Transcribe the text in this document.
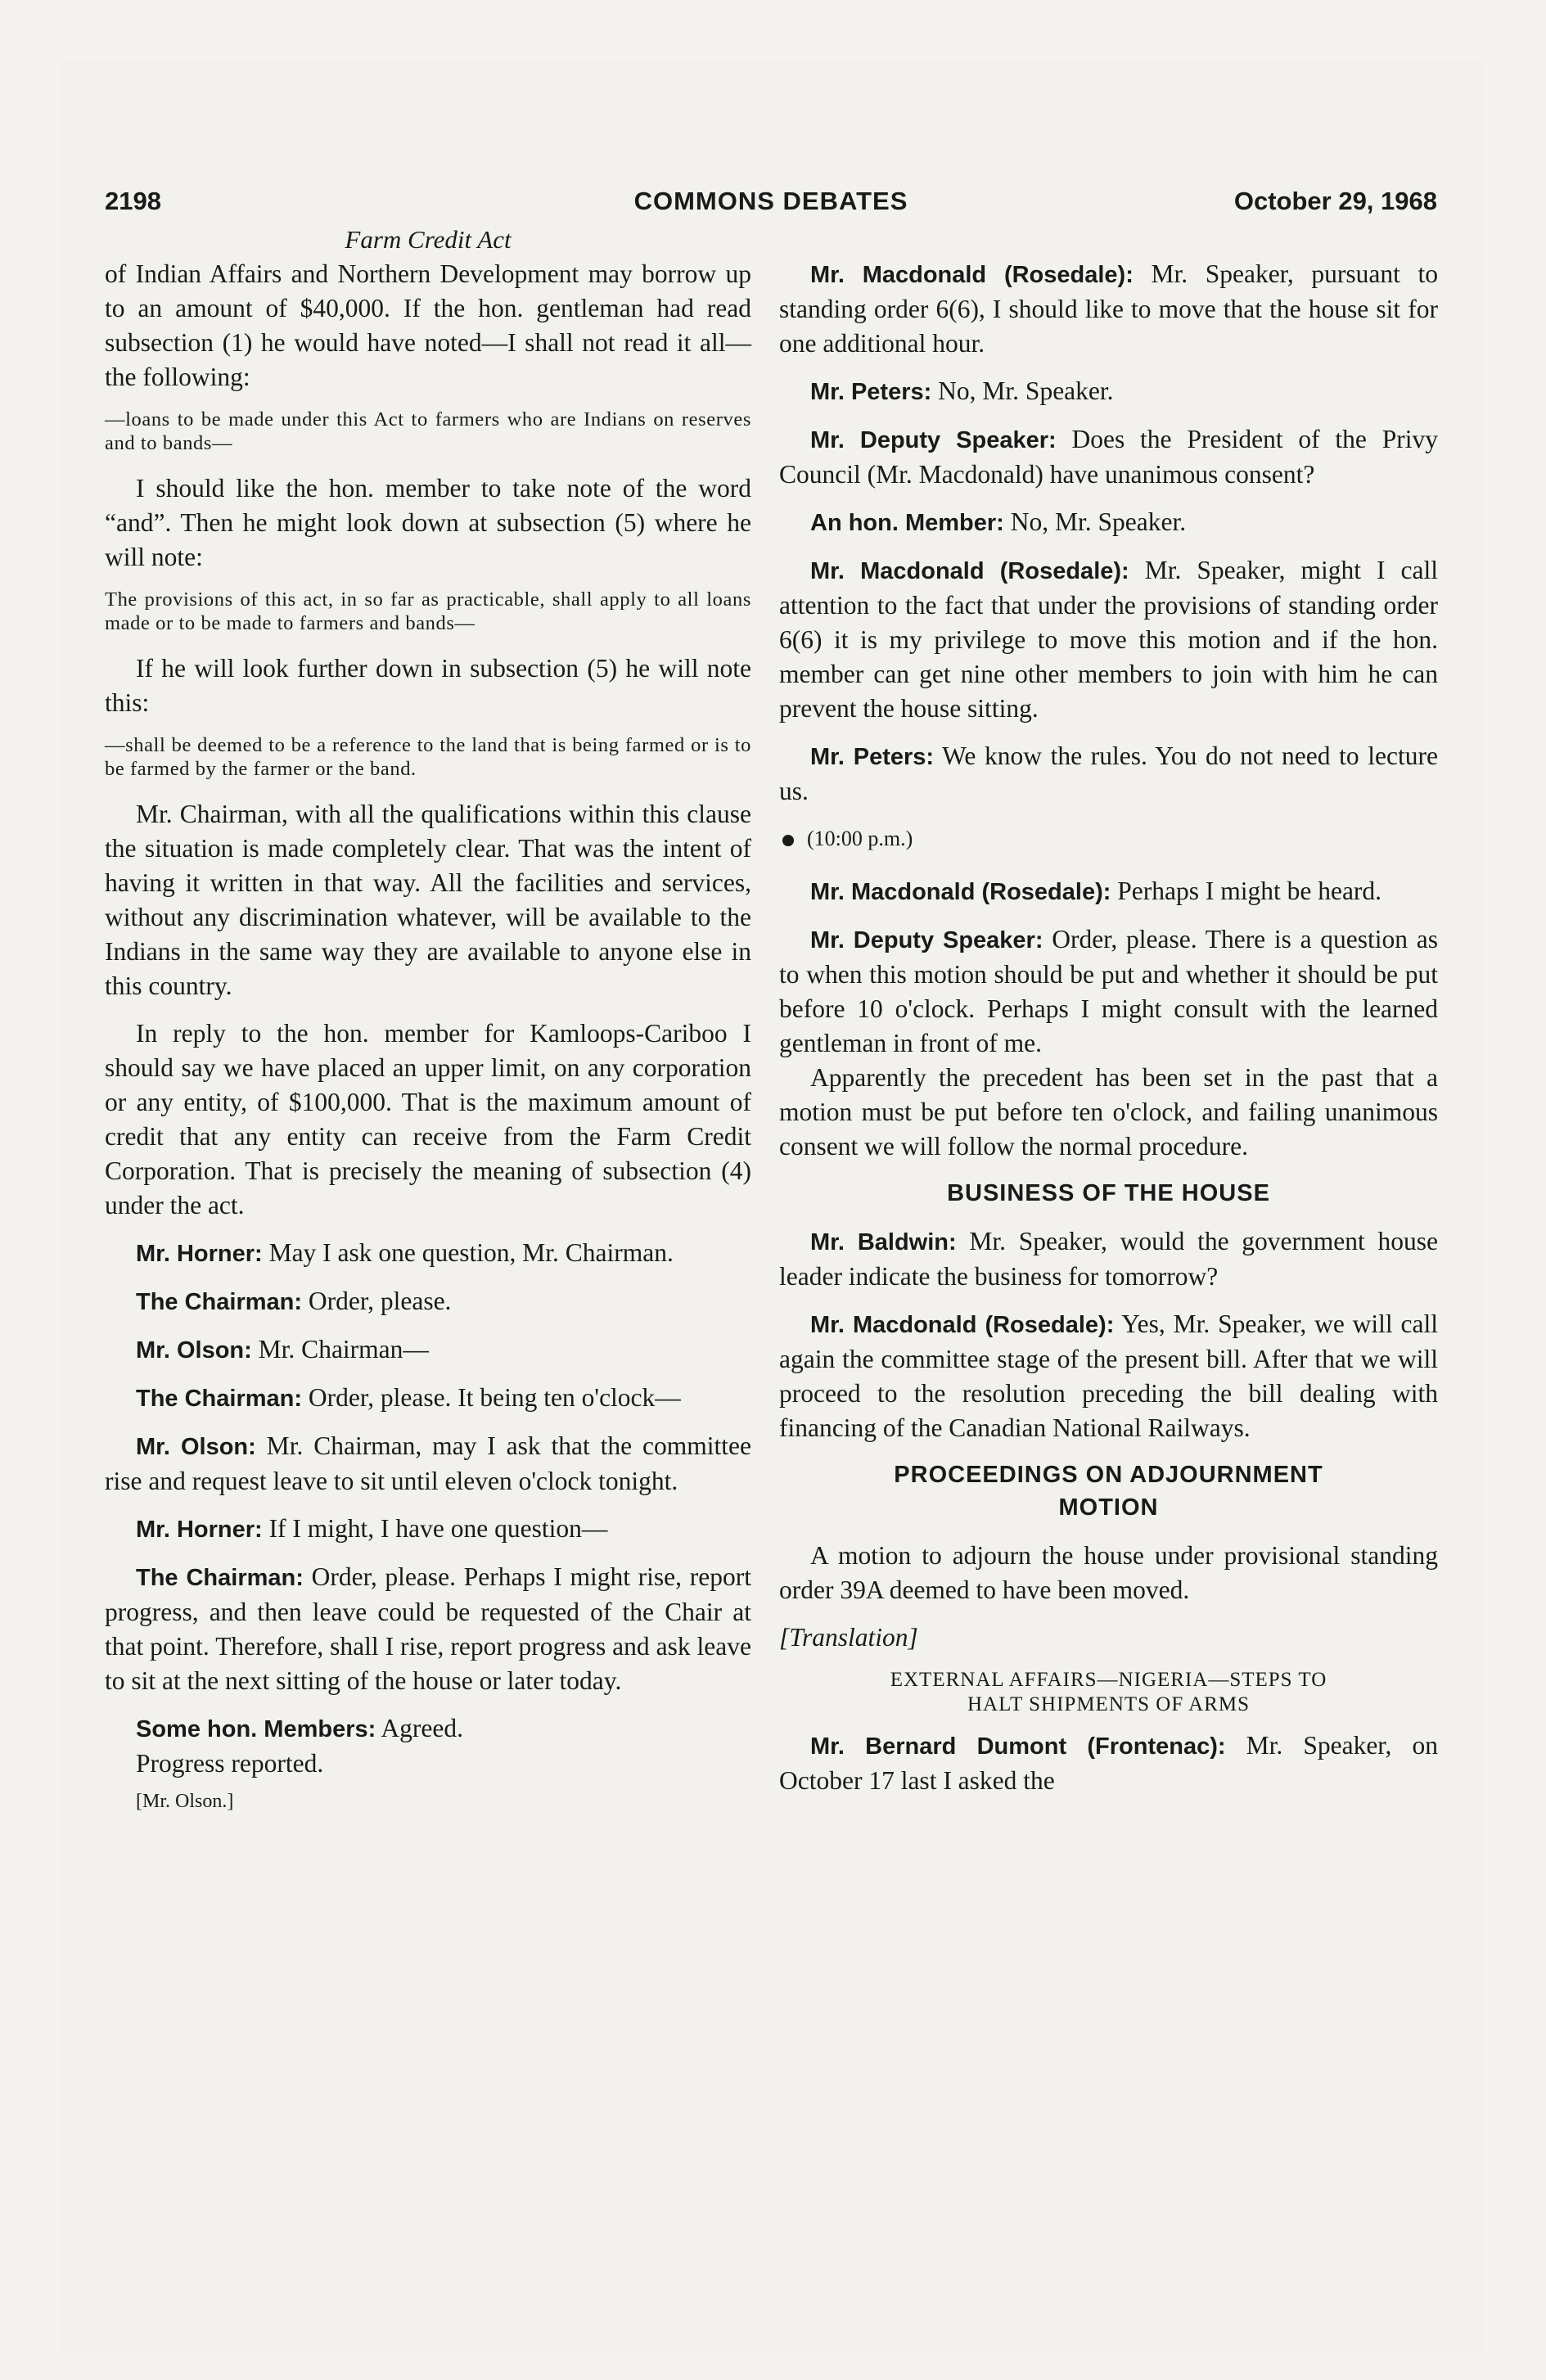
2198	COMMONS DEBATES	October 29, 1968
Farm Credit Act

of Indian Affairs and Northern Development may borrow up to an amount of $40,000. If the hon. gentleman had read subsection (1) he would have noted—I shall not read it all—the following:

—loans to be made under this Act to farmers who are Indians on reserves and to bands—

I should like the hon. member to take note of the word “and”. Then he might look down at subsection (5) where he will note:

The provisions of this act, in so far as practicable, shall apply to all loans made or to be made to farmers and bands—

If he will look further down in subsection (5) he will note this:

—shall be deemed to be a reference to the land that is being farmed or is to be farmed by the farmer or the band.

Mr. Chairman, with all the qualifications within this clause the situation is made completely clear. That was the intent of having it written in that way. All the facilities and services, without any discrimination whatever, will be available to the Indians in the same way they are available to anyone else in this country.

In reply to the hon. member for Kamloops-Cariboo I should say we have placed an upper limit, on any corporation or any entity, of $100,000. That is the maximum amount of credit that any entity can receive from the Farm Credit Corporation. That is precisely the meaning of subsection (4) under the act.

Mr. Horner: May I ask one question, Mr. Chairman.

The Chairman: Order, please.

Mr. Olson: Mr. Chairman—

The Chairman: Order, please. It being ten o'clock—

Mr. Olson: Mr. Chairman, may I ask that the committee rise and request leave to sit until eleven o'clock tonight.

Mr. Horner: If I might, I have one question—

The Chairman: Order, please. Perhaps I might rise, report progress, and then leave could be requested of the Chair at that point. Therefore, shall I rise, report progress and ask leave to sit at the next sitting of the house or later today.

Some hon. Members: Agreed.

Progress reported.

[Mr. Olson.]

Mr. Macdonald (Rosedale): Mr. Speaker, pursuant to standing order 6(6), I should like to move that the house sit for one additional hour.

Mr. Peters: No, Mr. Speaker.

Mr. Deputy Speaker: Does the President of the Privy Council (Mr. Macdonald) have unanimous consent?

An hon. Member: No, Mr. Speaker.

Mr. Macdonald (Rosedale): Mr. Speaker, might I call attention to the fact that under the provisions of standing order 6(6) it is my privilege to move this motion and if the hon. member can get nine other members to join with him he can prevent the house sitting.

Mr. Peters: We know the rules. You do not need to lecture us.

(10:00 p.m.)

Mr. Macdonald (Rosedale): Perhaps I might be heard.

Mr. Deputy Speaker: Order, please. There is a question as to when this motion should be put and whether it should be put before 10 o'clock. Perhaps I might consult with the learned gentleman in front of me.

Apparently the precedent has been set in the past that a motion must be put before ten o'clock, and failing unanimous consent we will follow the normal procedure.

BUSINESS OF THE HOUSE

Mr. Baldwin: Mr. Speaker, would the government house leader indicate the business for tomorrow?

Mr. Macdonald (Rosedale): Yes, Mr. Speaker, we will call again the committee stage of the present bill. After that we will proceed to the resolution preceding the bill dealing with financing of the Canadian National Railways.

PROCEEDINGS ON ADJOURNMENT
MOTION

A motion to adjourn the house under provisional standing order 39A deemed to have been moved.

[Translation]

EXTERNAL AFFAIRS—NIGERIA—STEPS TO
HALT SHIPMENTS OF ARMS

Mr. Bernard Dumont (Frontenac): Mr. Speaker, on October 17 last I asked the
